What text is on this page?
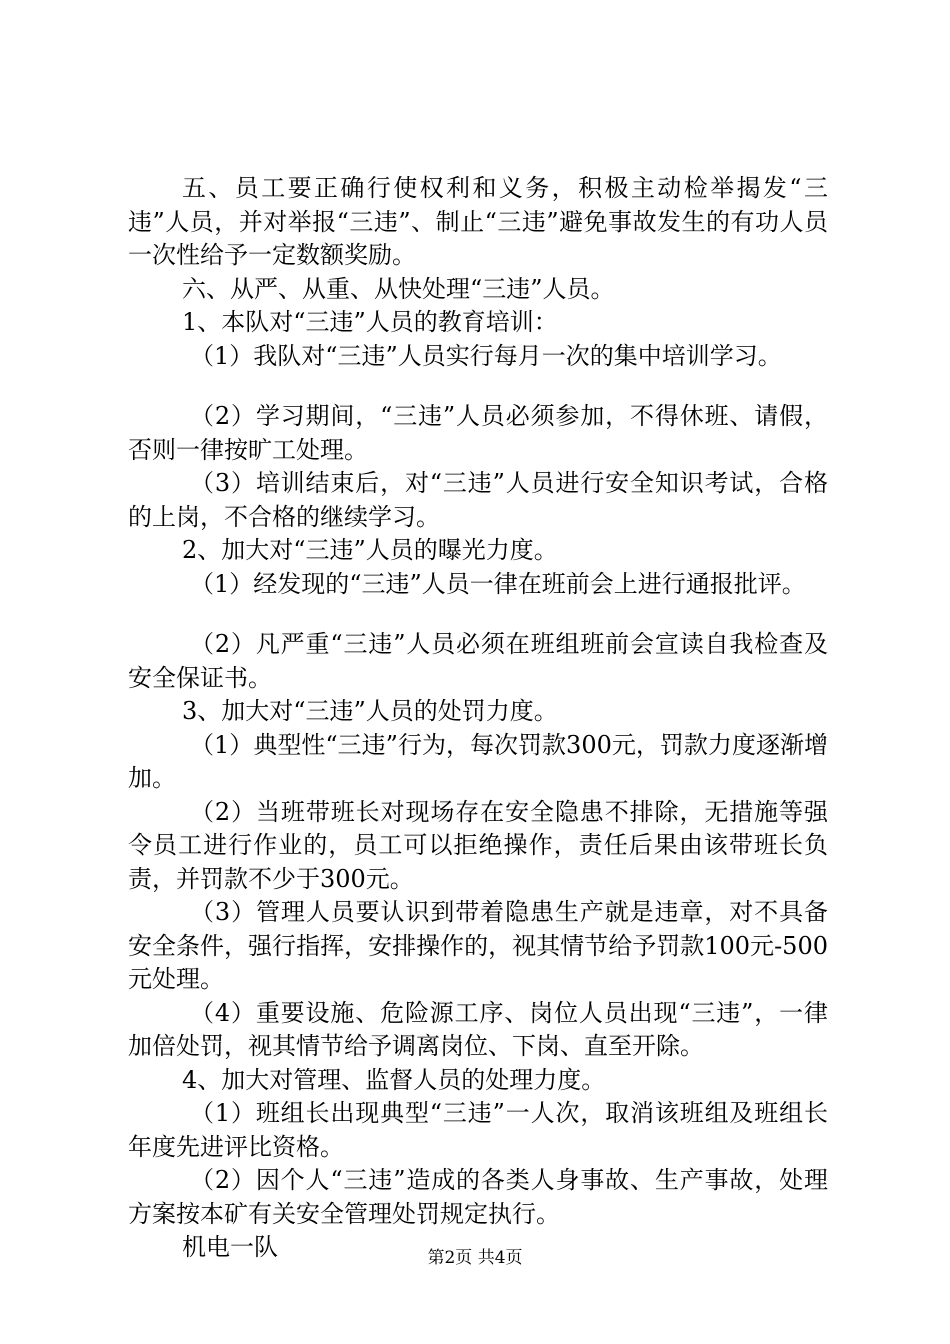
五、员工要正确行使权利和义务，积极主动检举揭发“三违”人员，并对举报“三违”、制止“三违”避免事故发生的有功人员一次性给予一定数额奖励。

六、从严、从重、从快处理“三违”人员。

1、本队对“三违”人员的教育培训：

（1）我队对“三违”人员实行每月一次的集中培训学习。

（2）学习期间，“三违”人员必须参加，不得休班、请假，否则一律按旷工处理。

（3）培训结束后，对“三违”人员进行安全知识考试，合格的上岗，不合格的继续学习。

2、加大对“三违”人员的曝光力度。

（1）经发现的“三违”人员一律在班前会上进行通报批评。

（2）凡严重“三违”人员必须在班组班前会宣读自我检查及安全保证书。

3、加大对“三违”人员的处罚力度。

（1）典型性“三违”行为，每次罚款300元，罚款力度逐渐增加。

（2）当班带班长对现场存在安全隐患不排除，无措施等强令员工进行作业的，员工可以拒绝操作，责任后果由该带班长负责，并罚款不少于300元。

（3）管理人员要认识到带着隐患生产就是违章，对不具备安全条件，强行指挥，安排操作的，视其情节给予罚款100元-500元处理。

（4）重要设施、危险源工序、岗位人员出现“三违”，一律加倍处罚，视其情节给予调离岗位、下岗、直至开除。

4、加大对管理、监督人员的处理力度。

（1）班组长出现典型“三违”一人次，取消该班组及班组长年度先进评比资格。

（2）因个人“三违”造成的各类人身事故、生产事故，处理方案按本矿有关安全管理处罚规定执行。

机电一队	第2页 共4页
